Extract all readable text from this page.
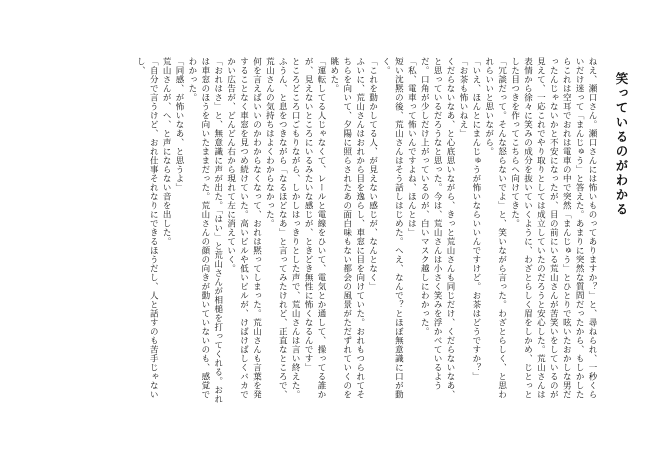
笑っているのがわかる

ねえ、瀬口さん。瀬口さんには怖いものってありますか？」と、尋ねられ、一秒くらいだけ迷って「まんじゅう」と答えた。あまりに突然な質問だったから、もしかしたらこれは空耳でおれは電車の中で突然「まんじゅう」とひとりで呟いたおかしな男だったんじゃないかと不安になったが、目の前にいる荒山さんが苦笑いをしているのが見えて、一応これでやり取りとしては成立していたのだろうと安心した。荒山さんは表情から徐々に笑みの成分を抜いていくように、わざとらしく眉をしかめ、じとっとした目つきを作ってこちらへ向けてきた。

「冗談だって。そんな怒らないでよ」と、笑いながら言った。わざとらしく、と思われらいいと思いながら。

「いえ、ほんとにまんじゅうが怖いならいいんですけど。お茶はどうですか？」

「お茶も怖いねえ」

くだらないなあ、と心底思いながら、きっと荒山さんも同じだけ、くだらないなあ、と思っているだろうなと思った。今は、荒山さんは小さく笑みを浮かべているようだ。口角が少しだけ上がっているのが、白いマスク越しにわかった。

「私、電車って怖いんですよね、ほんとは」

短い沈黙の後、荒山さんはそう話しはじめた。へえ、なんで？とほぼ無意識に口が動く。

「これを動かしてる人、が見えない感じが、なんとなく」

ふいに、荒山さんはおれから目を逸らし、車窓に目を向けていた。おれもつられてそちらを向いて、夕陽に照らされたあの面白味もない都会の風景がただずれていくのを眺めた。

「運転してる人じゃなくて、レールと電線をひいて、電気とか通して、操ってる誰かが、見えないところにいるみたいな感じが、ときどき無性に怖くなるんです」

ところどころ口ごもりながら、しかしはっきりとした声で、荒山さんは言い終えた。

ふうん、と息をつきながら「なるほどなあ」と言ってみたけれど、正直なところで、荒山さんの気持ちはよくわからなかった。

何を言えばいいのかわからなくなって、おれは黙ってしまった。荒山さんも言葉を発することなく車窓を見つめ続けていた。高いビルや低いビルが、けばけばしくバカでかい広告が、どんどん右から現れて左に消えていく。

「おれはさ」と、無意識に声が出た。「はい」と荒山さんが相槌を打ってくれる。おれは車窓のほうを向いたままだった。荒山さんの顔の向きが動いていないのも、感覚でわかった。

「同感、が怖いなあ、と思うよ」

荒山さんが、へ、と声にならない音を出した。

「自分で言うけど、おれ仕事それなりにできるほうだし、人と話すのも苦手じゃないし、
